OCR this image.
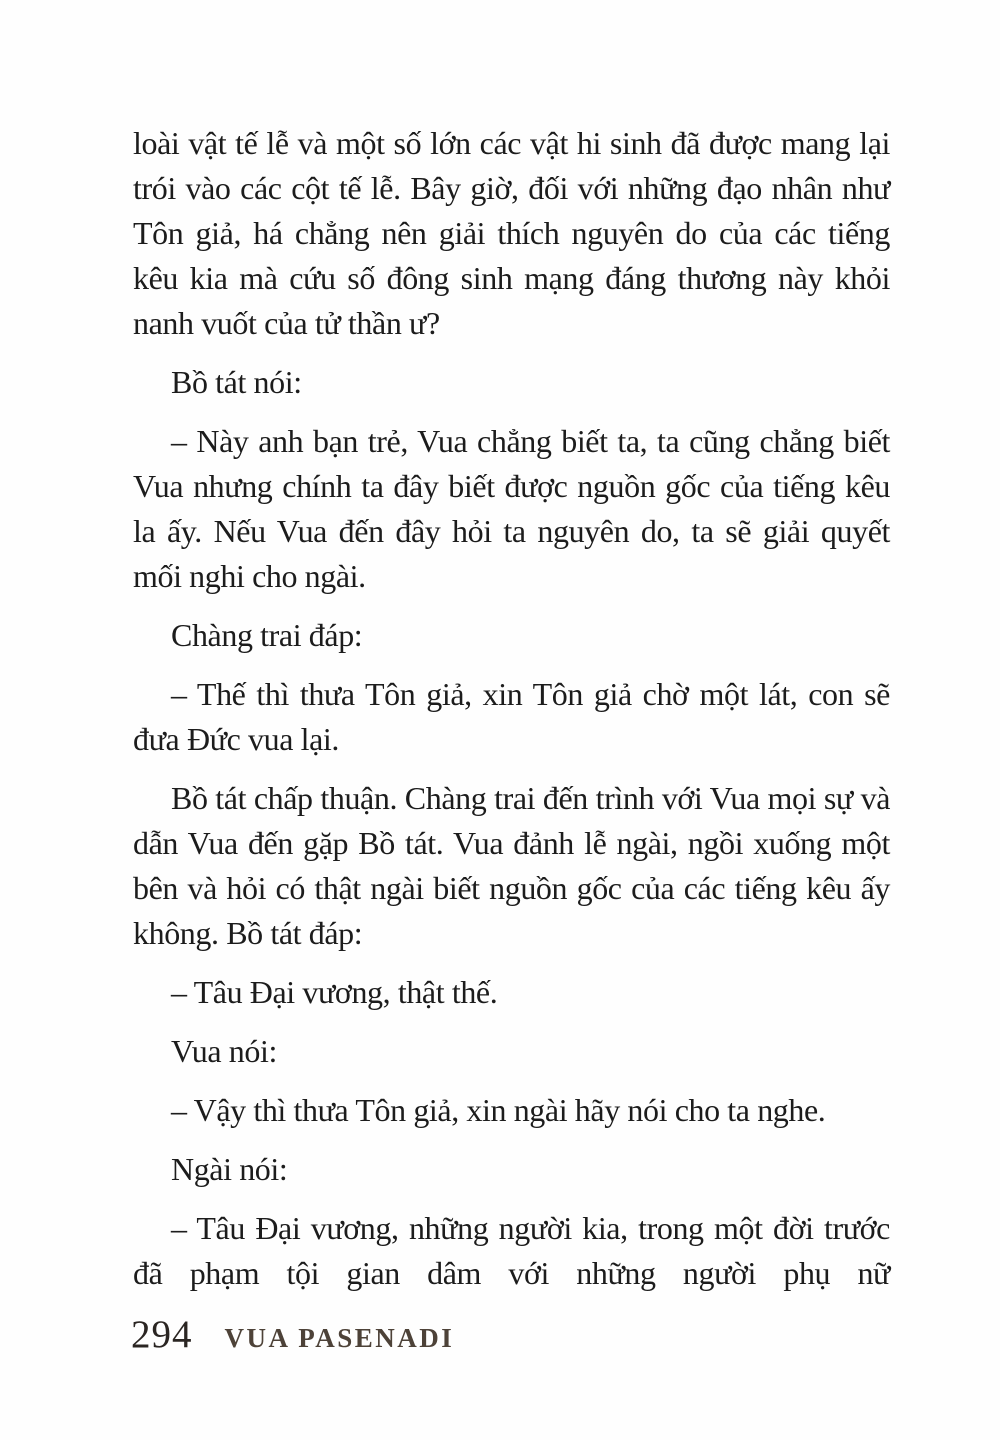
loài vật tế lễ và một số lớn các vật hi sinh đã được mang lại trói vào các cột tế lễ. Bây giờ, đối với những đạo nhân như Tôn giả, há chẳng nên giải thích nguyên do của các tiếng kêu kia mà cứu số đông sinh mạng đáng thương này khỏi nanh vuốt của tử thần ư?

Bồ tát nói:

– Này anh bạn trẻ, Vua chẳng biết ta, ta cũng chẳng biết Vua nhưng chính ta đây biết được nguồn gốc của tiếng kêu la ấy. Nếu Vua đến đây hỏi ta nguyên do, ta sẽ giải quyết mối nghi cho ngài.

Chàng trai đáp:

– Thế thì thưa Tôn giả, xin Tôn giả chờ một lát, con sẽ đưa Đức vua lại.

Bồ tát chấp thuận. Chàng trai đến trình với Vua mọi sự và dẫn Vua đến gặp Bồ tát. Vua đảnh lễ ngài, ngồi xuống một bên và hỏi có thật ngài biết nguồn gốc của các tiếng kêu ấy không. Bồ tát đáp:

– Tâu Đại vương, thật thế.

Vua nói:

– Vậy thì thưa Tôn giả, xin ngài hãy nói cho ta nghe.

Ngài nói:

– Tâu Đại vương, những người kia, trong một đời trước đã phạm tội gian dâm với những người phụ nữ

294 VUA PASENADI
